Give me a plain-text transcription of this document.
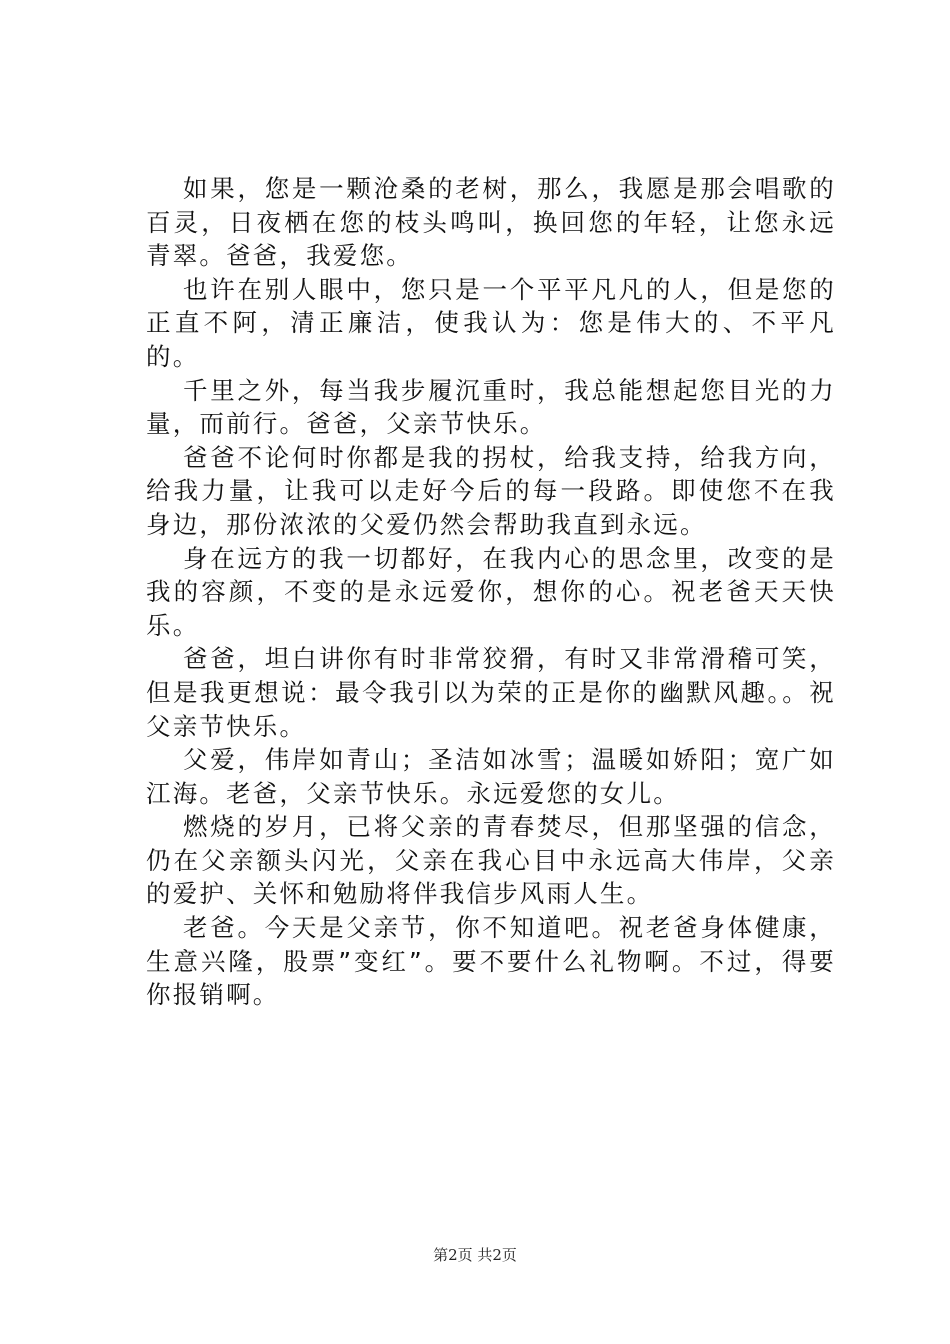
如果，您是一颗沧桑的老树，那么，我愿是那会唱歌的百灵，日夜栖在您的枝头鸣叫，换回您的年轻，让您永远青翠。爸爸，我爱您。

也许在别人眼中，您只是一个平平凡凡的人，但是您的正直不阿，清正廉洁，使我认为：您是伟大的、不平凡的。

千里之外，每当我步履沉重时，我总能想起您目光的力量，而前行。爸爸，父亲节快乐。

爸爸不论何时你都是我的拐杖，给我支持，给我方向，给我力量，让我可以走好今后的每一段路。即使您不在我身边，那份浓浓的父爱仍然会帮助我直到永远。

身在远方的我一切都好，在我内心的思念里，改变的是我的容颜，不变的是永远爱你，想你的心。祝老爸天天快乐。

爸爸，坦白讲你有时非常狡猾，有时又非常滑稽可笑，但是我更想说：最令我引以为荣的正是你的幽默风趣。。祝父亲节快乐。

父爱，伟岸如青山；圣洁如冰雪；温暖如娇阳；宽广如江海。老爸，父亲节快乐。永远爱您的女儿。

燃烧的岁月，已将父亲的青春焚尽，但那坚强的信念，仍在父亲额头闪光，父亲在我心目中永远高大伟岸，父亲的爱护、关怀和勉励将伴我信步风雨人生。

老爸。今天是父亲节，你不知道吧。祝老爸身体健康，生意兴隆，股票”变红”。要不要什么礼物啊。不过，得要你报销啊。

第2页 共2页
